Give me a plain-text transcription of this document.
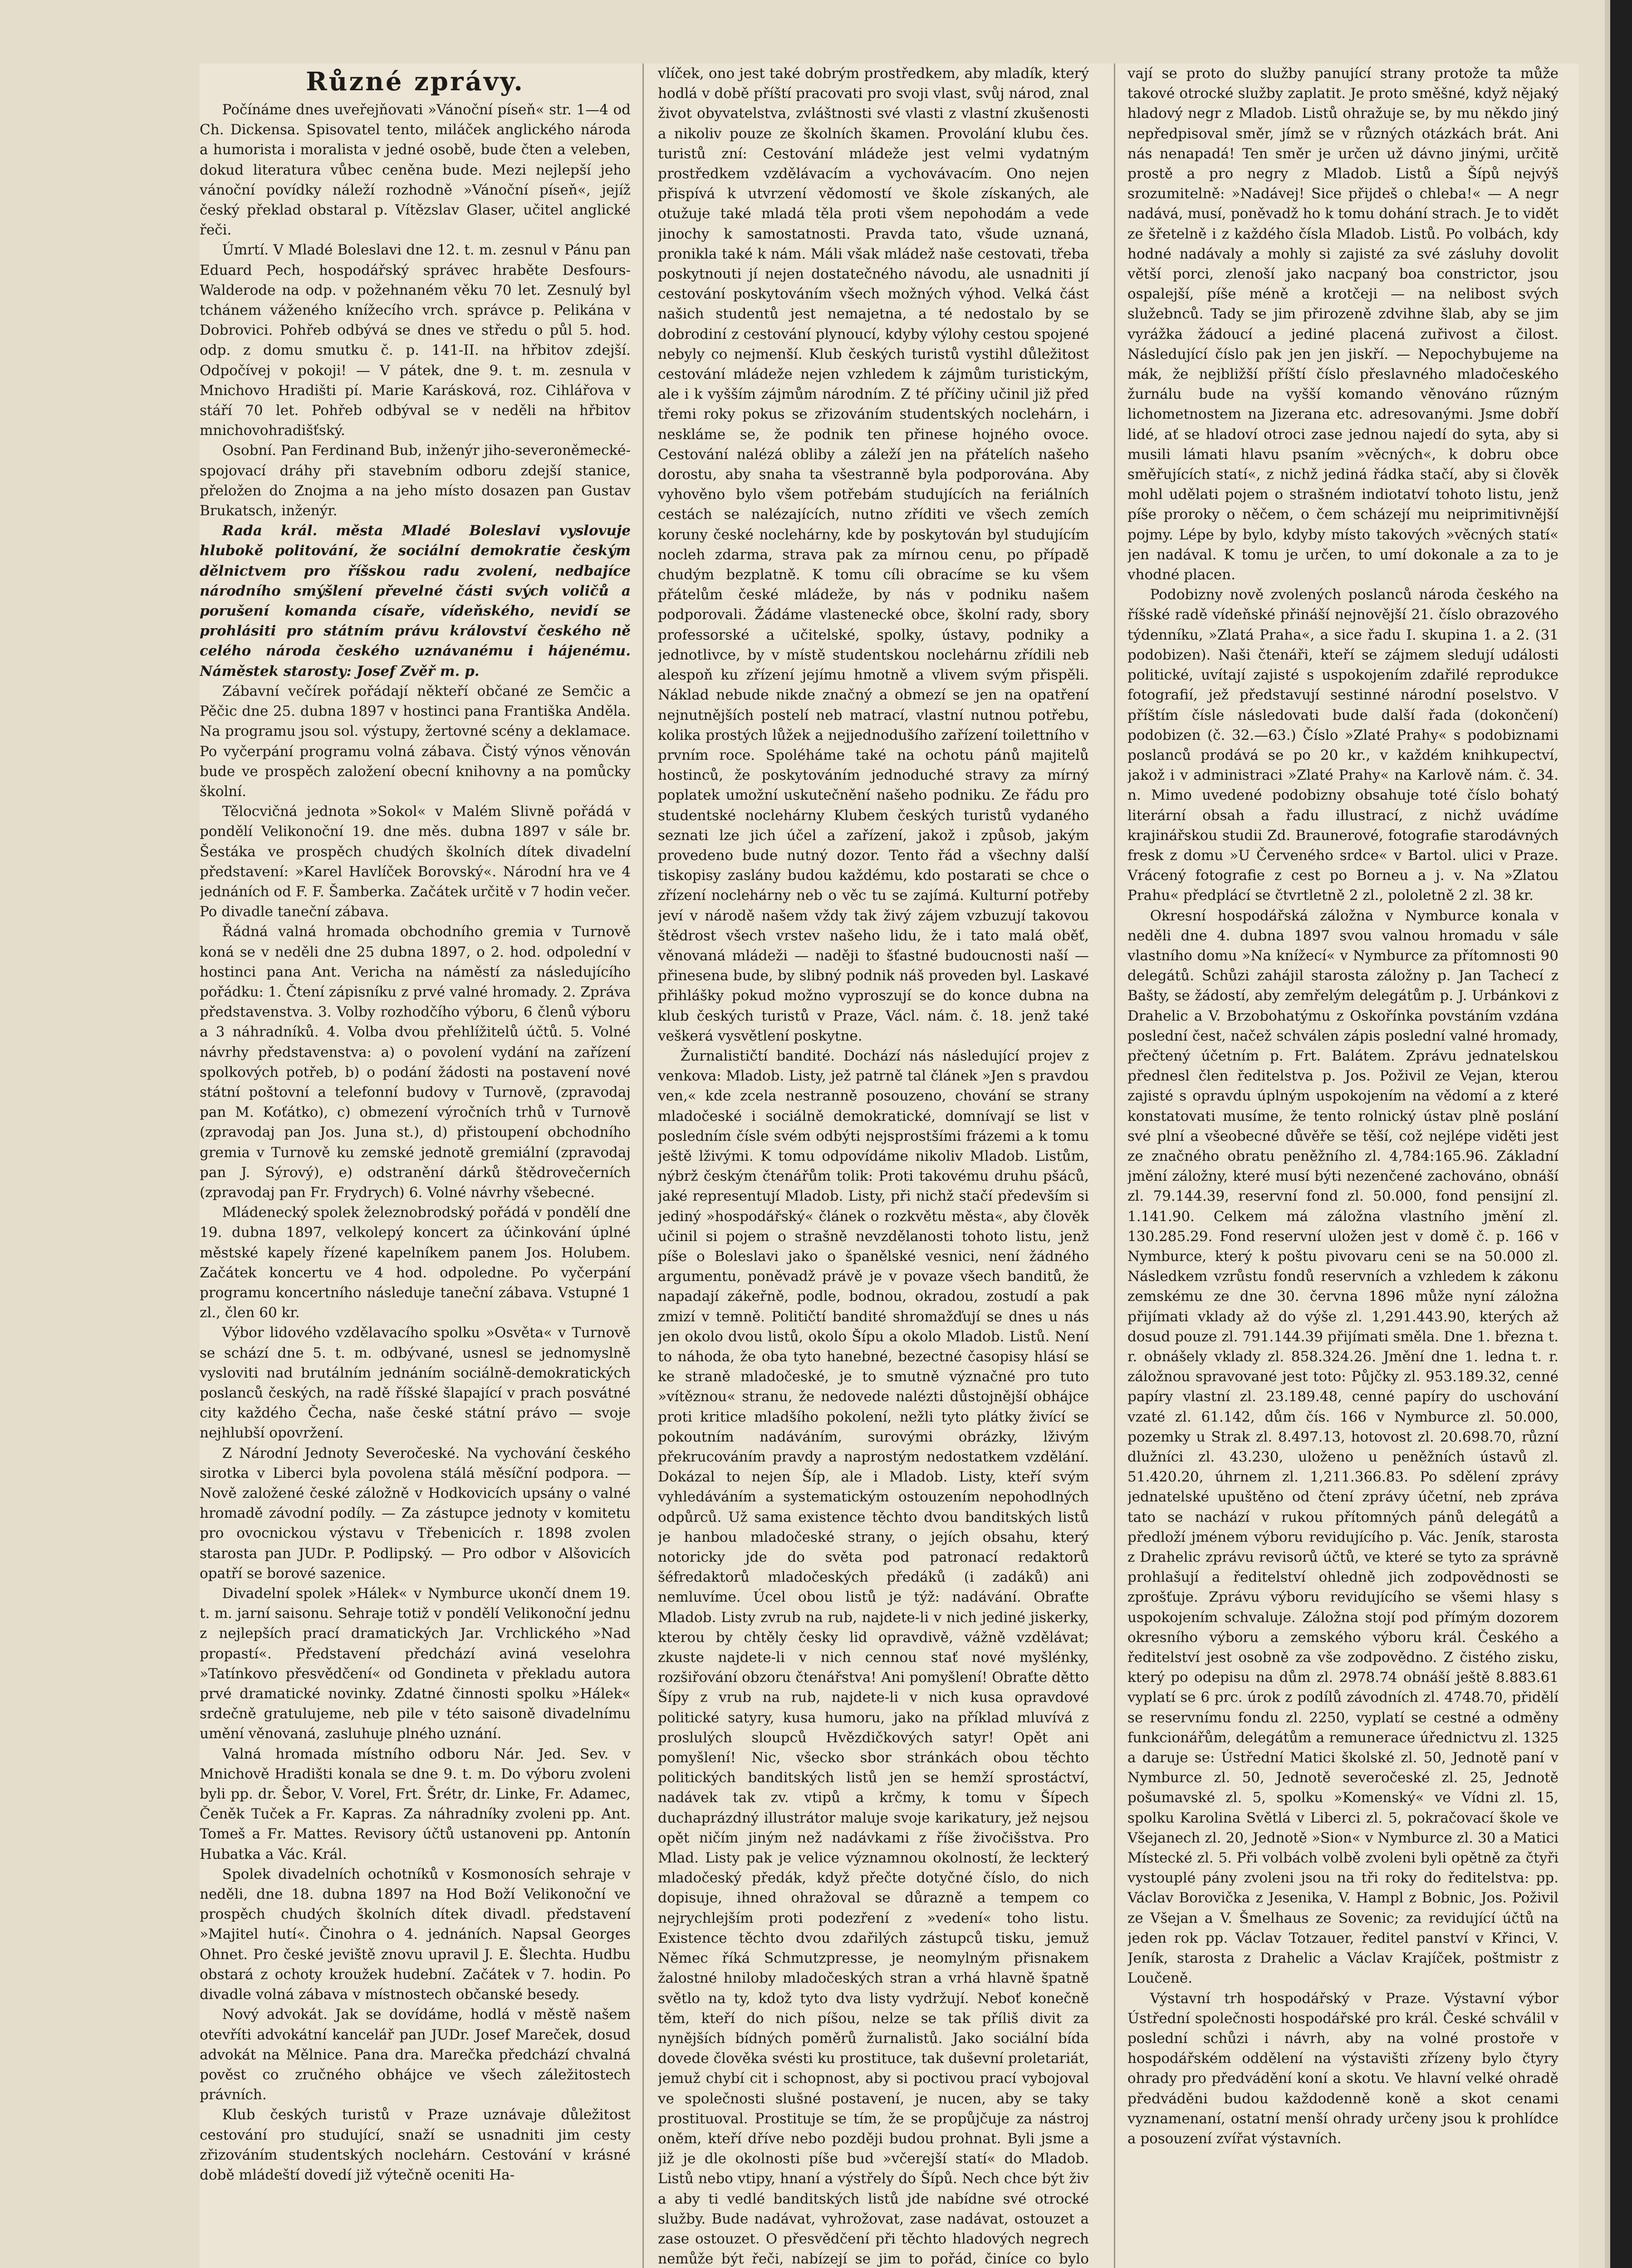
Různé zprávy.

Počínáme dnes uveřejňovati »Vánoční píseň« str. 1—4 od Ch. Dickensa. Spisovatel tento, miláček anglického národa a humorista i moralista v jedné osobě, bude čten a veleben, dokud literatura vůbec ceněna bude. Mezi nejlepší jeho vánoční povídky náleží rozhodně »Vánoční píseň«, jejíž český překlad obstaral p. Vítězslav Glaser, učitel anglické řeči.

Úmrtí. V Mladé Boleslavi dne 12. t. m. zesnul v Pánu pan Eduard Pech, hospodářský správec hraběte Desfours-Walderode na odp. v požehnaném věku 70 let. Zesnulý byl tchánem váženého knížecího vrch. správce p. Pelikána v Dobrovici. Pohřeb odbývá se dnes ve středu o půl 5. hod. odp. z domu smutku č. p. 141-II. na hřbitov zdejší. Odpočívej v pokoji! — V pátek, dne 9. t. m. zesnula v Mnichovo Hradišti pí. Marie Karásková, roz. Cihlářova v stáří 70 let. Pohřeb odbýval se v neděli na hřbitov mnichovohradišťský.

Osobní. Pan Ferdinand Bub, inženýr jiho-severoněmecké-spojovací dráhy při stavebním odboru zdejší stanice, přeložen do Znojma a na jeho místo dosazen pan Gustav Brukatsch, inženýr.

Rada král. města Mladé Boleslavi vyslovuje hlubokě politování, že sociální demokratie českým dělnictvem pro říšskou radu zvolení, nedbajíce národního smýšlení převelné části svých voličů a porušení komanda císaře, vídeňského, nevidí se prohlásiti pro státním právu království českého ně celého národa českého uznávanému i hájenému. Náměstek starosty: Josef Zvěř m. p.

Zábavní večírek pořádají někteří občané ze Semčic a Pěčic dne 25. dubna 1897 v hostinci pana Františka Anděla. Na programu jsou sol. výstupy, žertovné scény a deklamace. Po vyčerpání programu volná zábava. Čistý výnos věnován bude ve prospěch založení obecní knihovny a na pomůcky školní.

Tělocvičná jednota »Sokol« v Malém Slivně pořádá v pondělí Velikonoční 19. dne měs. dubna 1897 v sále br. Šestáka ve prospěch chudých školních dítek divadelní představení: »Karel Havlíček Borovský«. Národní hra ve 4 jednáních od F. F. Šamberka. Začátek určitě v 7 hodin večer. Po divadle taneční zábava.

Řádná valná hromada obchodního gremia v Turnově koná se v neděli dne 25 dubna 1897, o 2. hod. odpolední v hostinci pana Ant. Vericha na náměstí za následujícího pořádku: 1. Čtení zápisníku z prvé valné hromady. 2. Zpráva představenstva. 3. Volby rozhodčího výboru, 6 členů výboru a 3 náhradníků. 4. Volba dvou přehlížitelů účtů. 5. Volné návrhy představenstva: a) o povolení vydání na zařízení spolkových potřeb, b) o podání žádosti na postavení nové státní poštovní a telefonní budovy v Turnově, (zpravodaj pan M. Koťátko), c) obmezení výročních trhů v Turnově (zpravodaj pan Jos. Juna st.), d) přistoupení obchodního gremia v Turnově ku zemské jednotě gremiální (zpravodaj pan J. Sýrový), e) odstranění dárků štědrovečerních (zpravodaj pan Fr. Frydrych) 6. Volné návrhy všebecné.

Mládenecký spolek železnobrodský pořádá v pondělí dne 19. dubna 1897, velkolepý koncert za účinkování úplné městské kapely řízené kapelníkem panem Jos. Holubem. Začátek koncertu ve 4 hod. odpoledne. Po vyčerpání programu koncertního následuje taneční zábava. Vstupné 1 zl., člen 60 kr.

Výbor lidového vzdělavacího spolku »Osvěta« v Turnově se schází dne 5. t. m. odbývané, usnesl se jednomyslně vysloviti nad brutálním jednáním sociálně-demokratických poslanců českých, na radě říšské šlapající v prach posvátné city každého Čecha, naše české státní právo — svoje nejhlubší opovržení.

Z Národní Jednoty Severočeské. Na vychování českého sirotka v Liberci byla povolena stálá měsíční podpora. — Nově založené české záložně v Hodkovicích upsány o valné hromadě závodní podíly. — Za zástupce jednoty v komitetu pro ovocnickou výstavu v Třebenicích r. 1898 zvolen starosta pan JUDr. P. Podlipský. — Pro odbor v Alšovicích opatří se borové sazenice.

Divadelní spolek »Hálek« v Nymburce ukončí dnem 19. t. m. jarní saisonu. Sehraje totiž v pondělí Velikonoční jednu z nejlepších prací dramatických Jar. Vrchlického »Nad propastí«. Představení předchází aviná veselohra »Tatínkovo přesvědčení« od Gondineta v překladu autora prvé dramatické novinky. Zdatné činnosti spolku »Hálek« srdečně gratulujeme, neb pile v této saisoně divadelnímu umění věnovaná, zasluhuje plného uznání.

Valná hromada místního odboru Nár. Jed. Sev. v Mnichově Hradišti konala se dne 9. t. m. Do výboru zvoleni byli pp. dr. Šebor, V. Vorel, Frt. Šrétr, dr. Linke, Fr. Adamec, Čeněk Tuček a Fr. Kapras. Za náhradníky zvoleni pp. Ant. Tomeš a Fr. Mattes. Revisory účtů ustanoveni pp. Antonín Hubatka a Vác. Král.

Spolek divadelních ochotníků v Kosmonosích sehraje v neděli, dne 18. dubna 1897 na Hod Boží Velikonoční ve prospěch chudých školních dítek divadl. představení »Majitel hutí«. Činohra o 4. jednáních. Napsal Georges Ohnet. Pro české jeviště znovu upravil J. E. Šlechta. Hudbu obstará z ochoty kroužek hudební. Začátek v 7. hodin. Po divadle volná zábava v místnostech občanské besedy.

Nový advokát. Jak se dovídáme, hodlá v městě našem otevříti advokátní kancelář pan JUDr. Josef Mareček, dosud advokát na Mělnice. Pana dra. Marečka předchází chvalná pověst co zručného obhájce ve všech záležitostech právních.

Klub českých turistů v Praze uznávaje důležitost cestování pro studující, snaží se usnadniti jim cesty zřizováním studentských noclehárn. Cestování v krásné době mládeští dovedí již výtečně oceniti Ha-

vlíček, ono jest také dobrým prostředkem, aby mladík, který hodlá v době příští pracovati pro svoji vlast, svůj národ, znal život obyvatelstva, zvláštnosti své vlasti z vlastní zkušenosti a nikoliv pouze ze školních škamen. Provolání klubu čes. turistů zní: Cestování mládeže jest velmi vydatným prostředkem vzdělávacím a vychovávacím. Ono nejen přispívá k utvrzení vědomostí ve škole získaných, ale otužuje také mladá těla proti všem nepohodám a vede jinochy k samostatnosti. Pravda tato, všude uznaná, pronikla také k nám. Máli však mládež naše cestovati, třeba poskytnouti jí nejen dostatečného návodu, ale usnadniti jí cestování poskytováním všech možných výhod. Velká část našich studentů jest nemajetna, a té nedostalo by se dobrodiní z cestování plynoucí, kdyby výlohy cestou spojené nebyly co nejmenší. Klub českých turistů vystihl důležitost cestování mládeže nejen vzhledem k zájmům turistickým, ale i k vyšším zájmům národním. Z té příčiny učinil již před třemi roky pokus se zřizováním studentských noclehárn, i neskláme se, že podnik ten přinese hojného ovoce. Cestování nalézá obliby a záleží jen na přátelích našeho dorostu, aby snaha ta všestranně byla podporována. Aby vyhověno bylo všem potřebám studujících na feriálních cestách se nalézajících, nutno zříditi ve všech zemích koruny české noclehárny, kde by poskytován byl studujícím nocleh zdarma, strava pak za mírnou cenu, po případě chudým bezplatně. K tomu cíli obracíme se ku všem přátelům české mládeže, by nás v podniku našem podporovali. Žádáme vlastenecké obce, školní rady, sbory professorské a učitelské, spolky, ústavy, podniky a jednotlivce, by v místě studentskou noclehárnu zřídili neb alespoň ku zřízení jejímu hmotně a vlivem svým přispěli. Náklad nebude nikde značný a obmezí se jen na opatření nejnutnějších postelí neb matrací, vlastní nutnou potřebu, kolika prostých lůžek a nejjednodušího zařízení toilettního v prvním roce. Spoléháme také na ochotu pánů majitelů hostinců, že poskytováním jednoduché stravy za mírný poplatek umožní uskutečnění našeho podniku. Ze řádu pro studentské noclehárny Klubem českých turistů vydaného seznati lze jich účel a zařízení, jakož i způsob, jakým provedeno bude nutný dozor. Tento řád a všechny další tiskopisy zaslány budou každému, kdo postarati se chce o zřízení noclehárny neb o věc tu se zajímá. Kulturní potřeby jeví v národě našem vždy tak živý zájem vzbuzují takovou štědrost všech vrstev našeho lidu, že i tato malá oběť, věnovaná mládeži — naději to šťastné budoucnosti naší — přinesena bude, by slibný podnik náš proveden byl. Laskavé přihlášky pokud možno vyproszují se do konce dubna na klub českých turistů v Praze, Václ. nám. č. 18. jenž také veškerá vysvětlení poskytne.

Žurnalističtí bandité. Dochází nás následující projev z venkova: Mladob. Listy, jež patrně tal článek »Jen s pravdou ven,« kde zcela nestranně posouzeno, chování se strany mladočeské i sociálně demokratické, domnívají se list v posledním čísle svém odbýti nejsprostšími frázemi a k tomu ještě lživými. K tomu odpovídáme nikoliv Mladob. Listům, nýbrž českým čtenářům tolik: Proti takovému druhu pšáců, jaké representují Mladob. Listy, při nichž stačí především si jediný »hospodářský« článek o rozkvětu města«, aby člověk učinil si pojem o strašně nevzdělanosti tohoto listu, jenž píše o Boleslavi jako o španělské vesnici, není žádného argumentu, poněvadž právě je v povaze všech banditů, že napadají zákeřně, podle, bodnou, okradou, zostudí a pak zmizí v temně. Političtí bandité shromažďují se dnes u nás jen okolo dvou listů, okolo Šípu a okolo Mladob. Listů. Není to náhoda, že oba tyto hanebné, bezectné časopisy hlásí se ke straně mladočeské, je to smutně význačné pro tuto »vítěznou« stranu, že nedovede nalézti důstojnější obhájce proti kritice mladšího pokolení, nežli tyto plátky živící se pokoutním nadáváním, surovými obrázky, lživým překrucováním pravdy a naprostým nedostatkem vzdělání. Dokázal to nejen Šíp, ale i Mladob. Listy, kteří svým vyhledáváním a systematickým ostouzením nepohodlných odpůrců. Už sama existence těchto dvou banditských listů je hanbou mladočeské strany, o jejích obsahu, který notoricky jde do světa pod patronací redaktorů šéfredaktorů mladočeských předáků (i zadáků) ani nemluvíme. Úcel obou listů je týž: nadávání. Obraťte Mladob. Listy zvrub na rub, najdete-li v nich jediné jiskerky, kterou by chtěly česky lid opravdivě, vážně vzdělávat; zkuste najdete-li v nich cennou stať nové myšlénky, rozšiřování obzoru čtenářstva! Ani pomyšlení! Obraťte dětto Šípy z vrub na rub, najdete-li v nich kusa opravdové politické satyry, kusa humoru, jako na příklad mluvívá z proslulých sloupců Hvězdičkových satyr! Opět ani pomyšlení! Nic, všecko sbor stránkách obou těchto politických banditských listů jen se hemží sprostáctví, nadávek tak zv. vtipů a krčmy, k tomu v Šípech duchaprázdný illustrátor maluje svoje karikatury, jež nejsou opět ničím jiným než nadávkami z říše živočišstva. Pro Mlad. Listy pak je velice významnou okolností, že leckterý mladočeský předák, když přečte dotyčné číslo, do nich dopisuje, ihned ohražoval se důrazně a tempem co nejrychlejším proti podezření z »vedení« toho listu. Existence těchto dvou zdařilých zástupců tisku, jemuž Němec říká Schmutzpresse, je neomylným přisnakem žalostné hniloby mladočeských stran a vrhá hlavně špatně světlo na ty, kdož tyto dva listy vydržují. Neboť konečně těm, kteří do nich píšou, nelze se tak příliš divit za nynějších bídných poměrů žurnalistů. Jako sociální bída dovede člověka svésti ku prostituce, tak duševní proletariát, jemuž chybí cit i schopnost, aby si poctivou prací vybojoval ve společnosti slušné postavení, je nucen, aby se taky prostituoval. Prostituje se tím, že se propůjčuje za nástroj oněm, kteří dříve nebo později budou prohnat. Byli jsme a již je dle okolnosti píše bud »včerejší statí« do Mladob. Listů nebo vtipy, hnaní a výstřely do Šípů. Nech chce být živ a aby ti vedlé banditských listů jde nabídne své otrocké služby. Bude nadávat, vyhrožovat, zase nadávat, ostouzet a zase ostouzet. O přesvědčení při těchto hladových negrech nemůže být řeči, nabízejí se jim to pořád, činíce co bylo

vají se proto do služby panující strany protože ta může takové otrocké služby zaplatit. Je proto směšné, když nějaký hladový negr z Mladob. Listů ohražuje se, by mu někdo jiný nepředpisoval směr, jímž se v různých otázkách brát. Ani nás nenapadá! Ten směr je určen už dávno jinými, určitě prostě a pro negry z Mladob. Listů a Šípů nejvýš srozumitelně: »Nadávej! Sice přijdeš o chleba!« — A negr nadává, musí, poněvadž ho k tomu dohání strach. Je to vidět ze šřetelně i z každého čísla Mladob. Listů. Po volbách, kdy hodné nadávaly a mohly si zajisté za své zásluhy dovolit větší porci, zlenoší jako nacpaný boa constrictor, jsou ospalejší, píše méně a krotčeji — na nelibost svých služebnců. Tady se jim přirozeně zdvihne šlab, aby se jim vyrážka žádoucí a jediné placená zuřivost a čilost. Následující číslo pak jen jen jiskří. — Nepochybujeme na mák, že nejbližší příští číslo přeslavného mladočeského žurnálu bude na vyšší komando věnováno rűzným lichometnostem na Jizerana etc. adresovanými. Jsme dobří lidé, ať se hladoví otroci zase jednou najedí do syta, aby si musili lámati hlavu psaním »věcných«, k dobru obce směřujících statí«, z nichž jediná řádka stačí, aby si člověk mohl udělati pojem o strašném indiotatví tohoto listu, jenž píše proroky o něčem, o čem scházejí mu neiprimitivnější pojmy. Lépe by bylo, kdyby místo takových »věcných statí« jen nadával. K tomu je určen, to umí dokonale a za to je vhodné placen.

Podobizny nově zvolených poslanců národa českého na říšské radě vídeňské přináší nejnovější 21. číslo obrazového týdenníku, »Zlatá Praha«, a sice řadu I. skupina 1. a 2. (31 podobizen). Naši čtenáři, kteří se zájmem sledují události politické, uvítají zajisté s uspokojením zdařilé reprodukce fotografií, jež představují sestinné národní poselstvo. V příštím čísle následovati bude další řada (dokončení) podobizen (č. 32.—63.) Číslo »Zlaté Prahy« s podobiznami poslanců prodává se po 20 kr., v každém knihkupectví, jakož i v administraci »Zlaté Prahy« na Karlově nám. č. 34. n. Mimo uvedené podobizny obsahuje toté číslo bohatý literární obsah a řadu illustrací, z nichž uvádíme krajinářskou studii Zd. Braunerové, fotografie starodávných fresk z domu »U Červeného srdce« v Bartol. ulici v Praze. Vrácený fotografie z cest po Borneu a j. v. Na »Zlatou Prahu« předplácí se čtvrtletně 2 zl., pololetně 2 zl. 38 kr.

Okresní hospodářská záložna v Nymburce konala v neděli dne 4. dubna 1897 svou valnou hromadu v sále vlastního domu »Na knížecí« v Nymburce za přítomnosti 90 delegátů. Schůzi zahájil starosta záložny p. Jan Tachecí z Bašty, se žádostí, aby zemřelým delegátům p. J. Urbánkovi z Drahelic a V. Brzobohatýmu z Oskořínka povstáním vzdána poslední čest, načež schválen zápis poslední valné hromady, přečtený účetním p. Frt. Balátem. Zprávu jednatelskou přednesl člen ředitelstva p. Jos. Poživil ze Vejan, kterou zajisté s opravdu úplným uspokojením na vědomí a z které konstatovati musíme, že tento rolnický ústav plně poslání své plní a všeobecné důvěře se těší, což nejlépe viděti jest ze značného obratu peněžního zl. 4,784:165.96. Základní jmění záložny, které musí býti nezenčené zachováno, obnáší zl. 79.144.39, reservní fond zl. 50.000, fond pensijní zl. 1.141.90. Celkem má záložna vlastního jmění zl. 130.285.29. Fond reservní uložen jest v domě č. p. 166 v Nymburce, který k poštu pivovaru ceni se na 50.000 zl. Následkem vzrůstu fondů reservních a vzhledem k zákonu zemskému ze dne 30. června 1896 může nyní záložna přijímati vklady až do výše zl. 1,291.443.90, kterých až dosud pouze zl. 791.144.39 přijímati směla. Dne 1. března t. r. obnášely vklady zl. 858.324.26. Jmění dne 1. ledna t. r. záložnou spravované jest toto: Půjčky zl. 953.189.32, cenné papíry vlastní zl. 23.189.48, cenné papíry do uschování vzaté zl. 61.142, dům čís. 166 v Nymburce zl. 50.000, pozemky u Strak zl. 8.497.13, hotovost zl. 20.698.70, různí dlužníci zl. 43.230, uloženo u peněžních ústavů zl. 51.420.20, úhrnem zl. 1,211.366.83. Po sdělení zprávy jednatelské upuštěno od čtení zprávy účetní, neb zpráva tato se nachází v rukou přítomných pánů delegátů a předloží jménem výboru revidujícího p. Vác. Jeník, starosta z Drahelic zprávu revisorů účtů, ve které se tyto za správně prohlašují a ředitelství ohledně jich zodpovědnosti se zprošťuje. Zprávu výboru revidujícího se všemi hlasy s uspokojením schvaluje. Záložna stojí pod přímým dozorem okresního výboru a zemského výboru král. Českého a ředitelství jest osobně za vše zodpovědno. Z čistého zisku, který po odepisu na dům zl. 2978.74 obnáší ještě 8.883.61 vyplatí se 6 prc. úrok z podílů závodních zl. 4748.70, přidělí se reservnímu fondu zl. 2250, vyplatí se cestné a odměny funkcionářům, delegátům a remunerace úřednictvu zl. 1325 a daruje se: Ústřední Matici školské zl. 50, Jednotě paní v Nymburce zl. 50, Jednotě severočeské zl. 25, Jednotě pošumavské zl. 5, spolku »Komenský« ve Vídni zl. 15, spolku Karolina Světlá v Liberci zl. 5, pokračovací škole ve Všejanech zl. 20, Jednotě »Sion« v Nymburce zl. 30 a Matici Místecké zl. 5. Při volbách volbě zvoleni byli opětně za čtyři vystouplé pány zvoleni jsou na tři roky do ředitelstva: pp. Václav Borovička z Jesenika, V. Hampl z Bobnic, Jos. Poživil ze Všejan a V. Šmelhaus ze Sovenic; za revidující účtů na jeden rok pp. Václav Totzauer, ředitel panství v Křinci, V. Jeník, starosta z Drahelic a Václav Krajíček, poštmistr z Loučeně.

Výstavní trh hospodářský v Praze. Výstavní výbor Ústřední společnosti hospodářské pro král. České schválil v poslední schůzi i návrh, aby na volné prostoře v hospodářském oddělení na výstavišti zřízeny bylo čtyry ohrady pro předvádění koní a skotu. Ve hlavní velké ohradě předváděni budou každodenně koně a skot cenami vyznamenaní, ostatní menší ohrady určeny jsou k prohlídce a posouzení zvířat výstavních.
